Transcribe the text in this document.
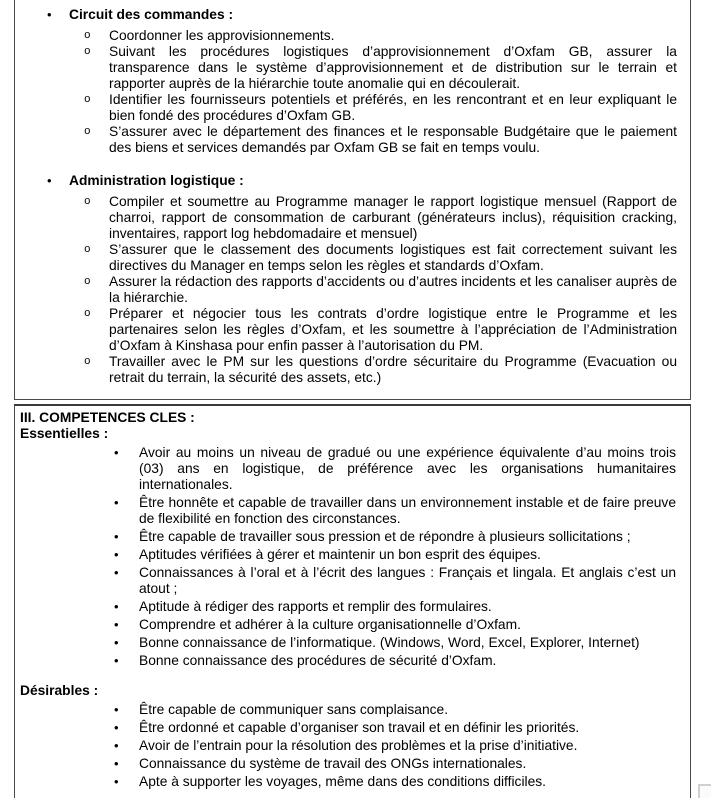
• Circuit des commandes :
o Coordonner les approvisionnements.

o Suivant les procédures logistiques d’approvisionnement d’Oxfam GB, assurer la transparence dans le système d’approvisionnement et de distribution sur le terrain et rapporter auprès de la hiérarchie toute anomalie qui en découlerait.

o Identifier les fournisseurs potentiels et préférés, en les rencontrant et en leur expliquant le bien fondé des procédures d’Oxfam GB.

o S’assurer avec le département des finances et le responsable Budgétaire que le paiement des biens et services demandés par Oxfam GB se fait en temps voulu.

• Administration logistique :
o Compiler et soumettre au Programme manager le rapport logistique mensuel (Rapport de charroi, rapport de consommation de carburant (générateurs inclus), réquisition cracking, inventaires, rapport log hebdomadaire et mensuel)

o S’assurer que le classement des documents logistiques est fait correctement suivant les directives du Manager en temps selon les règles et standards d’Oxfam.

o Assurer la rédaction des rapports d’accidents ou d’autres incidents et les canaliser auprès de la hiérarchie.

o Préparer et négocier tous les contrats d’ordre logistique entre le Programme et les partenaires selon les règles d’Oxfam, et les soumettre à l’appréciation de l’Administration d’Oxfam à Kinshasa pour enfin passer à l’autorisation du PM.

o Travailler avec le PM sur les questions d’ordre sécuritaire du Programme (Evacuation ou retrait du terrain, la sécurité des assets, etc.)

III. COMPETENCES CLES :

Essentielles :

• Avoir au moins un niveau de gradué ou une expérience équivalente d’au moins trois (03) ans en logistique, de préférence avec les organisations humanitaires internationales.

• Être honnête et capable de travailler dans un environnement instable et de faire preuve de flexibilité en fonction des circonstances.

• Être capable de travailler sous pression et de répondre à plusieurs sollicitations ;

• Aptitudes vérifiées à gérer et maintenir un bon esprit des équipes.

• Connaissances à l’oral et à l’écrit des langues : Français et lingala. Et anglais c’est un atout ;

• Aptitude à rédiger des rapports et remplir des formulaires.

• Comprendre et adhérer à la culture organisationnelle d’Oxfam.

• Bonne connaissance de l’informatique. (Windows, Word, Excel, Explorer, Internet)

• Bonne connaissance des procédures de sécurité d’Oxfam.

Désirables :

• Être capable de communiquer sans complaisance.

• Être ordonné et capable d’organiser son travail et en définir les priorités.

• Avoir de l’entrain pour la résolution des problèmes et la prise d’initiative.

• Connaissance du système de travail des ONGs internationales.

• Apte à supporter les voyages, même dans des conditions difficiles.
